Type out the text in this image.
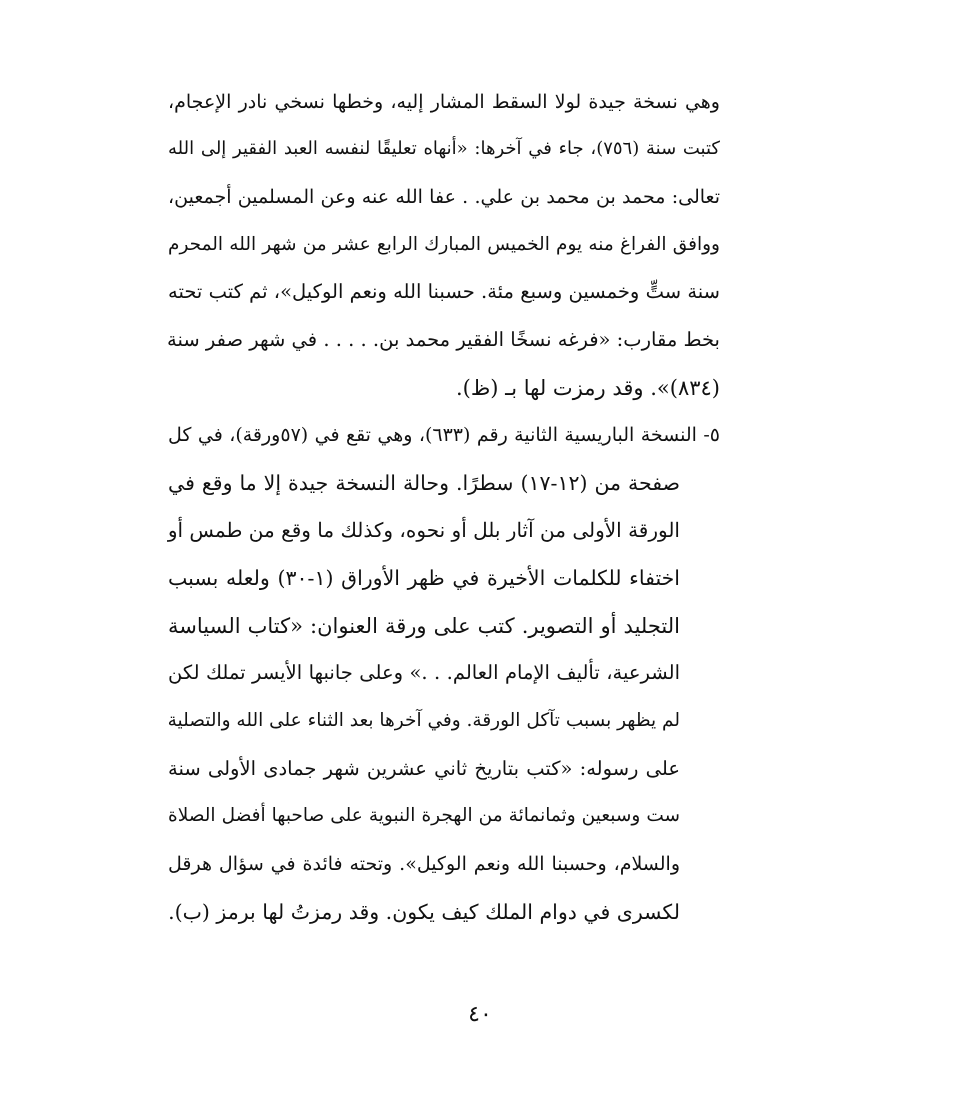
وهي نسخة جيدة لولا السقط المشار إليه، وخطها نسخي نادر الإعجام،
كتبت سنة (٧٥٦)، جاء في آخرها: «أنهاه تعليقًا لنفسه العبد الفقير إلى الله
تعالى: محمد بن محمد بن علي. . عفا الله عنه وعن المسلمين أجمعين،
ووافق الفراغ منه يوم الخميس المبارك الرابع عشر من شهر الله المحرم
سنة ستٍّ وخمسين وسبع مئة. حسبنا الله ونعم الوكيل»، ثم كتب تحته
بخط مقارب: «فرغه نسخًا الفقير محمد بن. . . . . في شهر صفر سنة
(٨٣٤)». وقد رمزت لها بـ (ظ).
٥- النسخة الباريسية الثانية رقم (٦٣٣)، وهي تقع في (٥٧ورقة)، في كل
صفحة من (١٢-١٧) سطرًا. وحالة النسخة جيدة إلا ما وقع في
الورقة الأولى من آثار بلل أو نحوه، وكذلك ما وقع من طمس أو
اختفاء للكلمات الأخيرة في ظهر الأوراق (١-٣٠) ولعله بسبب
التجليد أو التصوير. كتب على ورقة العنوان: «كتاب السياسة
الشرعية، تأليف الإمام العالم. . .» وعلى جانبها الأيسر تملك لكن
لم يظهر بسبب تآكل الورقة. وفي آخرها بعد الثناء على الله والتصلية
على رسوله: «كتب بتاريخ ثاني عشرين شهر جمادى الأولى سنة
ست وسبعين وثمانمائة من الهجرة النبوية على صاحبها أفضل الصلاة
والسلام، وحسبنا الله ونعم الوكيل». وتحته فائدة في سؤال هرقل
لكسرى في دوام الملك كيف يكون. وقد رمزتُ لها برمز (ب).
٤٠
